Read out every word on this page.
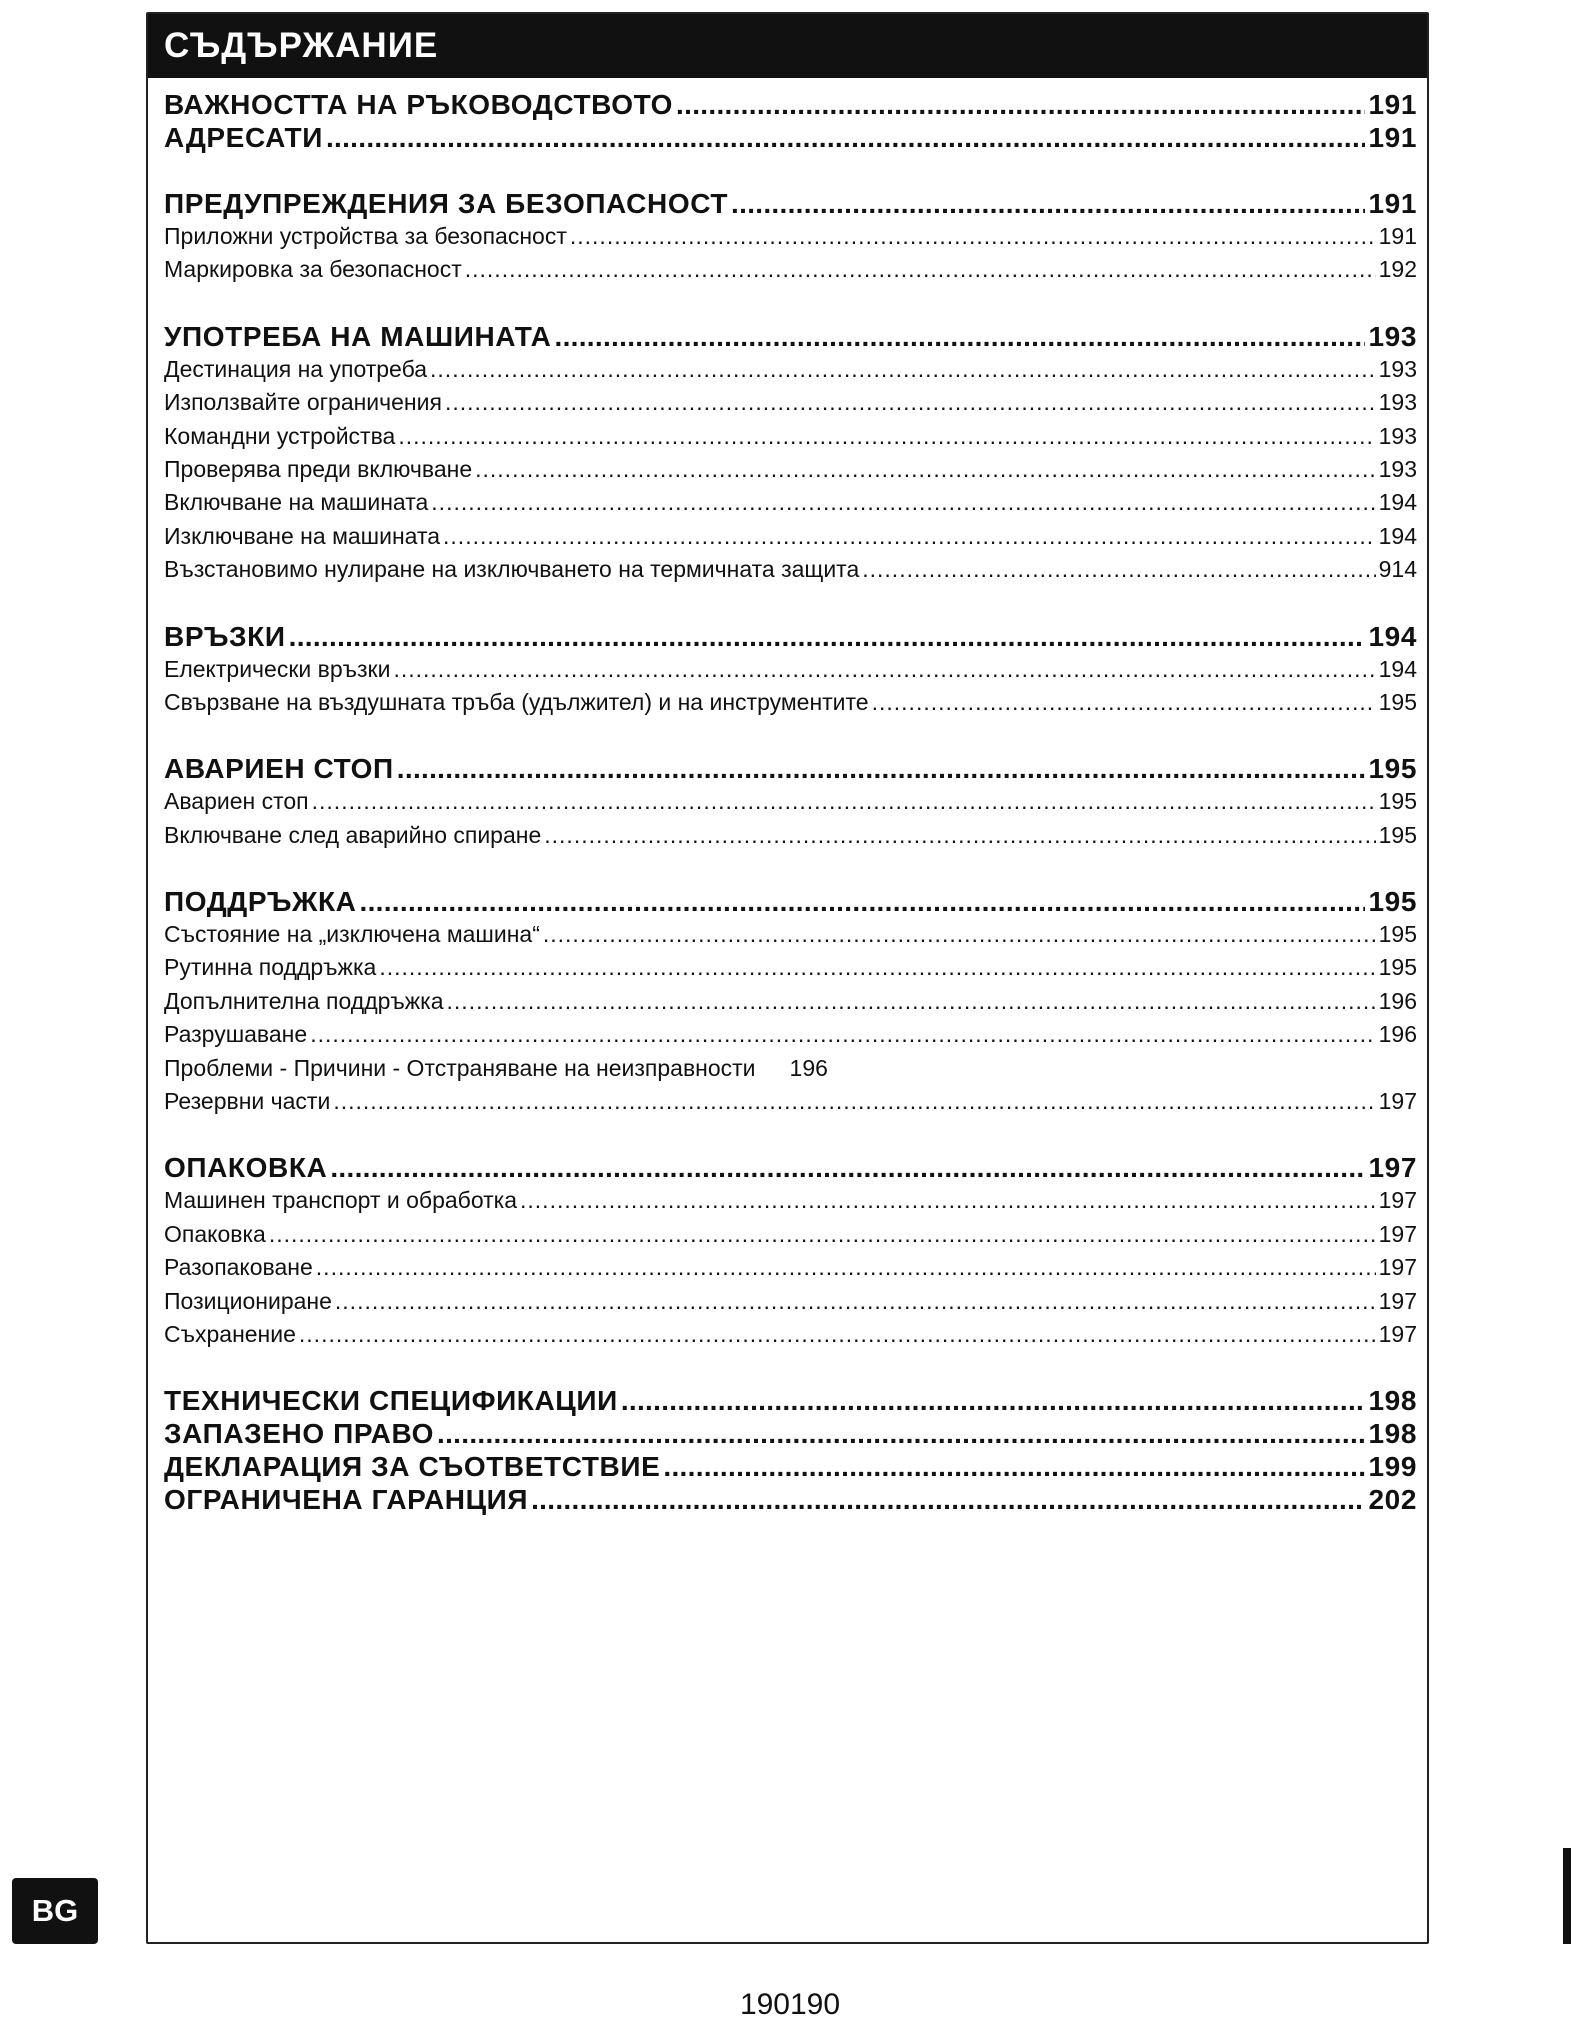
СЪДЪРЖАНИЕ
ВАЖНОСТТА НА РЪКОВОДСТВОТО .....	191
АДРЕСАТИ .....	191
ПРЕДУПРЕЖДЕНИЯ ЗА БЕЗОПАСНОСТ .....	191
Приложни устройства за безопасност .....	191
Маркировка за безопасност .....	192
УПОТРЕБА НА МАШИНАТА .....	193
Дестинация на употреба .....	193
Използвайте ограничения .....	193
Командни устройства .....	193
Проверява преди включване .....	193
Включване на машината .....	194
Изключване на машината .....	194
Възстановимо нулиране на изключването на термичната защита .....	914
ВРЪЗКИ .....	194
Електрически връзки .....	194
Свързване на въздушната тръба (удължител) и на инструментите .....	195
АВАРИЕН СТОП .....	195
Авариен стоп .....	195
Включване след аварийно спиране .....	195
ПОДДРЪЖКА .....	195
Състояние на „изключена машина“ .....	195
Рутинна поддръжка .....	195
Допълнителна поддръжка .....	196
Разрушаване .....	196
Проблеми - Причини - Отстраняване на неизправности 196
Резервни части .....	197
ОПАКОВКА .....	197
Машинен транспорт и обработка .....	197
Опаковка .....	197
Разопаковане .....	197
Позициониране .....	197
Съхранение .....	197
ТЕХНИЧЕСКИ СПЕЦИФИКАЦИИ .....	198
ЗАПАЗЕНО ПРАВО .....	198
ДЕКЛАРАЦИЯ ЗА СЪОТВЕТСТВИЕ .....	199
ОГРАНИЧЕНА ГАРАНЦИЯ .....	202
BG
190190
